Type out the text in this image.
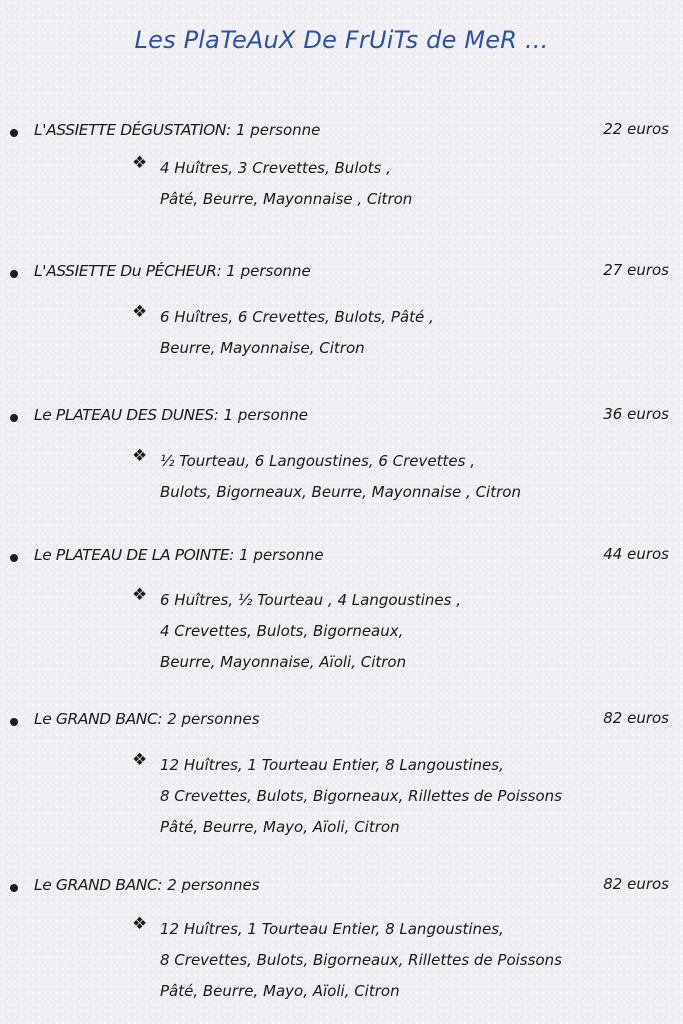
Les PlaTeAuX De FrUiTs de MeR ...
L'ASSIETTE DÉGUSTATION: 1 personne	22 euros
❖ 4 Huîtres, 3 Crevettes, Bulots ,
Pâté, Beurre, Mayonnaise , Citron
L'ASSIETTE Du PÉCHEUR: 1 personne	27 euros
❖ 6 Huîtres, 6 Crevettes, Bulots, Pâté ,
Beurre, Mayonnaise, Citron
Le PLATEAU DES DUNES: 1 personne	36 euros
❖ ½ Tourteau, 6 Langoustines, 6 Crevettes ,
Bulots, Bigorneaux, Beurre, Mayonnaise , Citron
Le PLATEAU DE LA POINTE: 1 personne	44 euros
❖ 6 Huîtres, ½ Tourteau , 4 Langoustines ,
4 Crevettes, Bulots, Bigorneaux,
Beurre, Mayonnaise, Aïoli, Citron
Le GRAND BANC: 2 personnes	82 euros
❖ 12 Huîtres, 1 Tourteau Entier, 8 Langoustines,
8 Crevettes, Bulots, Bigorneaux, Rillettes de Poissons
Pâté, Beurre, Mayo, Aïoli, Citron
Le GRAND BANC: 2 personnes	82 euros
❖ 12 Huîtres, 1 Tourteau Entier, 8 Langoustines,
8 Crevettes, Bulots, Bigorneaux, Rillettes de Poissons
Pâté, Beurre, Mayo, Aïoli, Citron
